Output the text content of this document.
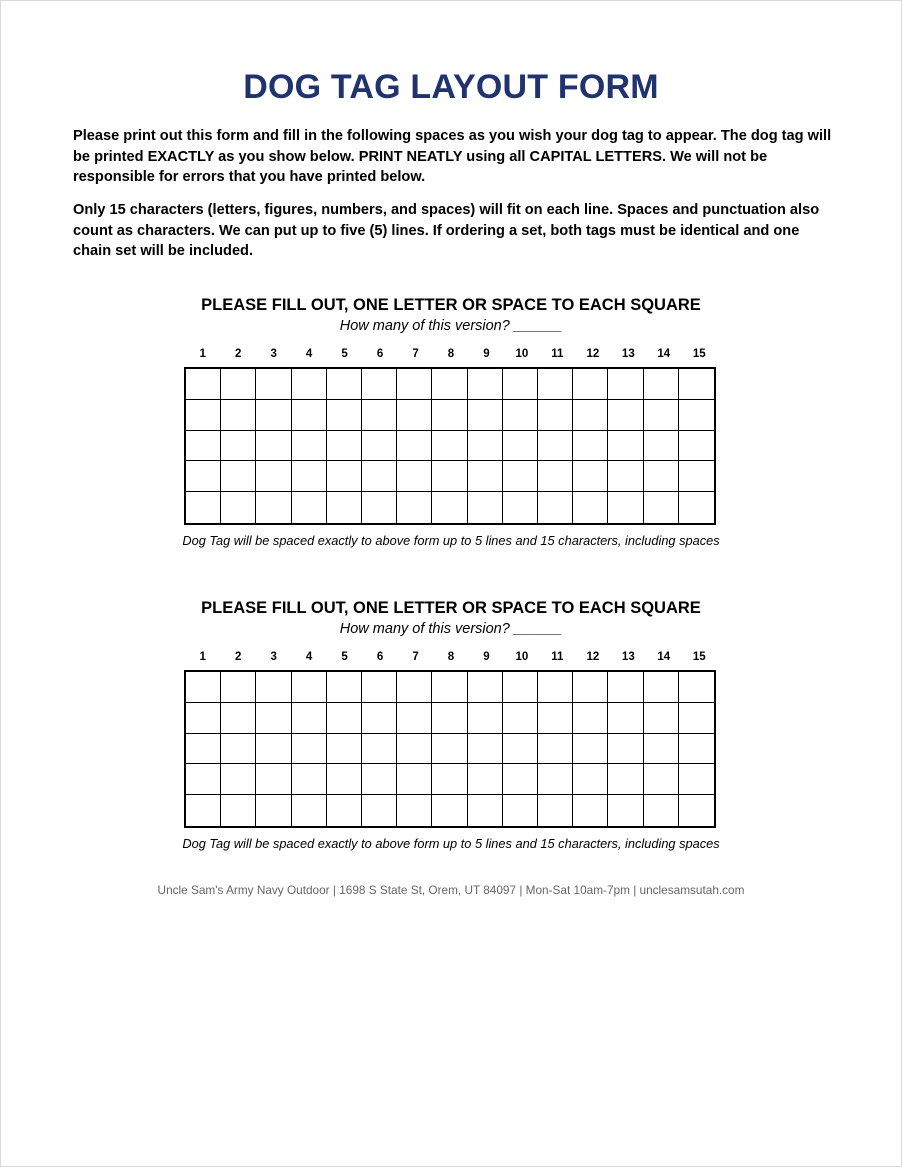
DOG TAG LAYOUT FORM

Please print out this form and fill in the following spaces as you wish your dog tag to appear. The dog tag will be printed EXACTLY as you show below. PRINT NEATLY using all CAPITAL LETTERS. We will not be responsible for errors that you have printed below.

Only 15 characters (letters, figures, numbers, and spaces) will fit on each line. Spaces and punctuation also count as characters. We can put up to five (5) lines. If ordering a set, both tags must be identical and one chain set will be included.

PLEASE FILL OUT, ONE LETTER OR SPACE TO EACH SQUARE
How many of this version? ______
1	2	3	4	5	6	7	8	9	10	11	12	13	14	15
Dog Tag will be spaced exactly to above form up to 5 lines and 15 characters, including spaces
PLEASE FILL OUT, ONE LETTER OR SPACE TO EACH SQUARE
How many of this version? ______
1	2	3	4	5	6	7	8	9	10	11	12	13	14	15
Dog Tag will be spaced exactly to above form up to 5 lines and 15 characters, including spaces
Uncle Sam's Army Navy Outdoor | 1698 S State St, Orem, UT 84097 | Mon-Sat 10am-7pm | unclesamsutah.com
